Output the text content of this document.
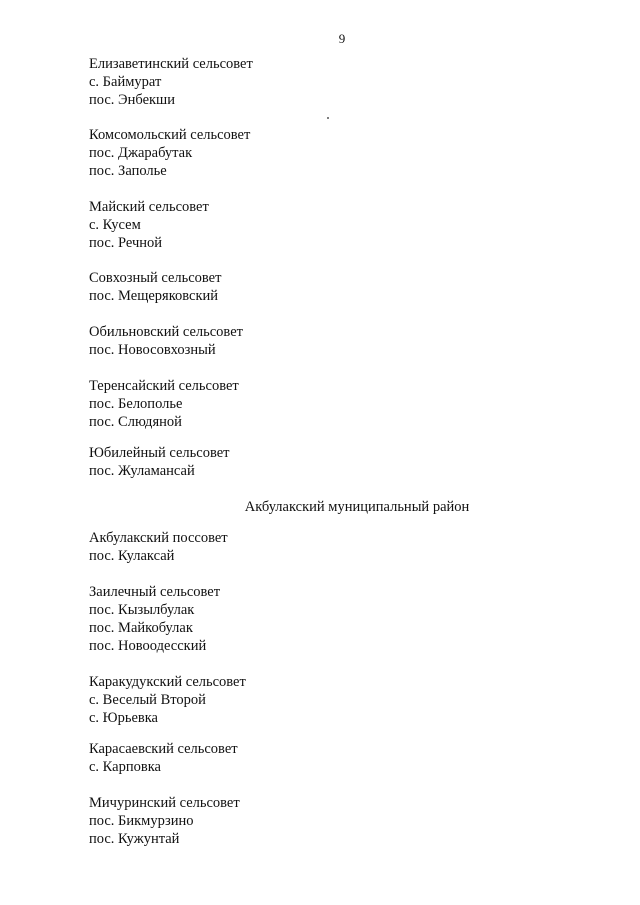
9
Елизаветинский сельсовет
с. Баймурат
пос. Энбекши
Комсомольский сельсовет
пос. Джарабутак
пос. Заполье
Майский сельсовет
с. Кусем
пос. Речной
Совхозный сельсовет
пос. Мещеряковский
Обильновский сельсовет
пос. Новосовхозный
Теренсайский сельсовет
пос. Белополье
пос. Слюдяной
Юбилейный сельсовет
пос. Жуламансай
Акбулакский муниципальный район
Акбулакский поссовет
пос. Кулаксай
Заилечный сельсовет
пос. Кызылбулак
пос. Майкобулак
пос. Новоодесский
Каракудукский сельсовет
с. Веселый Второй
с. Юрьевка
Карасаевский сельсовет
с. Карповка
Мичуринский сельсовет
пос. Бикмурзино
пос. Кужунтай
